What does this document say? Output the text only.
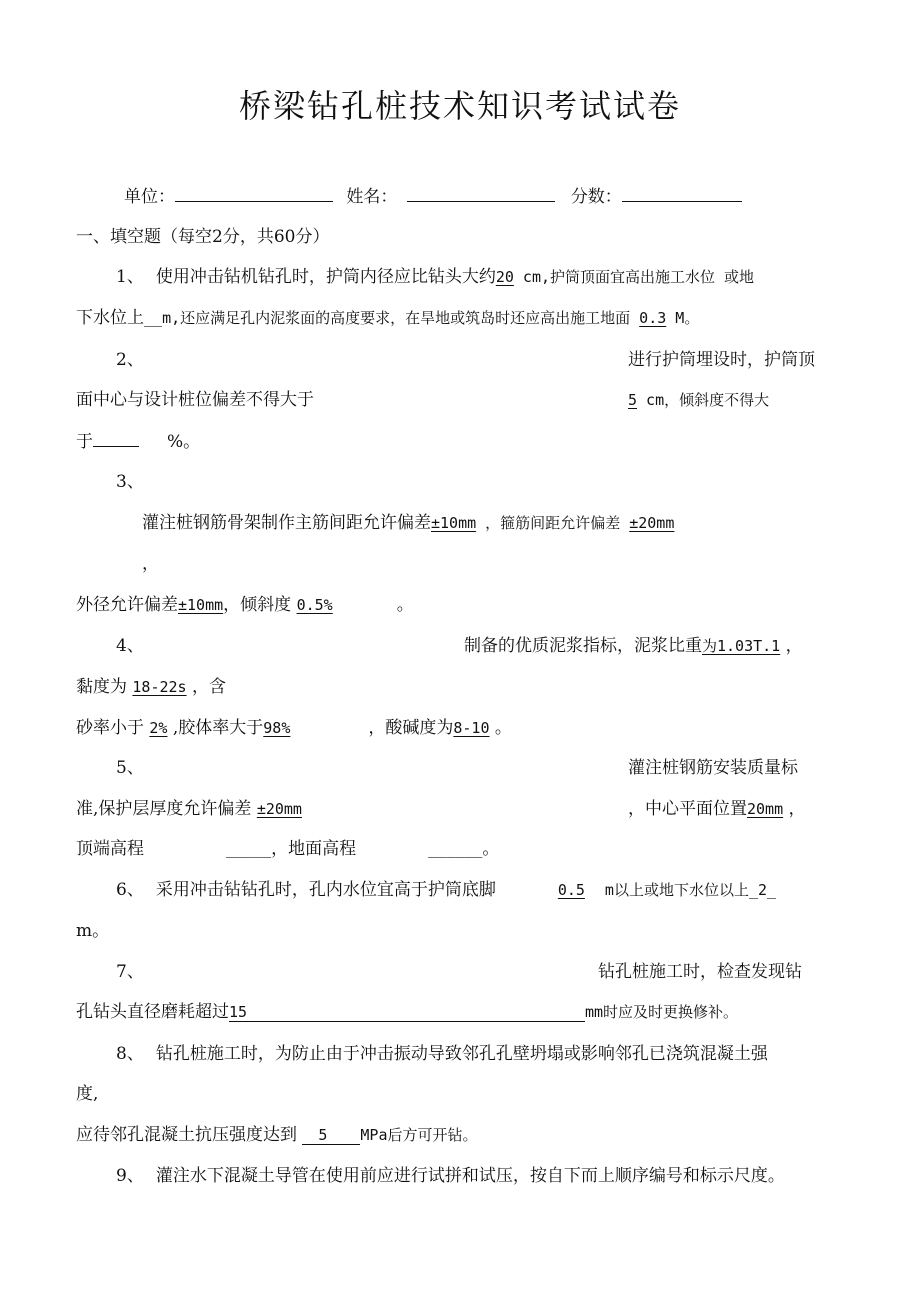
桥梁钻孔桩技术知识考试试卷
单位：	姓名：	分数：
一、填空题（每空2分，共60分）
1、 使用冲击钻机钻孔时，护筒内径应比钻头大约20 cm,护筒顶面宜高出施工水位 或地
下水位上__m,还应满足孔内泥浆面的高度要求，在旱地或筑岛时还应高出施工地面 0.3 M。
2、	进行护筒埋设时，护筒顶
面中心与设计桩位偏差不得大于	5 cm，倾斜度不得大
于	%。
3、
灌注桩钢筋骨架制作主筋间距允许偏差±10mm ，箍筋间距允许偏差 ±20mm
，
外径允许偏差±10mm，倾斜度 0.5%	。
4、	制备的优质泥浆指标，泥浆比重为1.03T.1 ，
黏度为 18-22s ，含
砂率小于 2% ,胶体率大于98%	，酸碱度为8-10 。
5、	灌注桩钢筋安装质量标
准,保护层厚度允许偏差 ±20mm	，中心平面位置20mm ，
顶端高程	_____，地面高程	______。
6、 采用冲击钻钻孔时，孔内水位宜高于护筒底脚	0.5 m以上或地下水位以上_2_
m。
7、	钻孔桩施工时，检查发现钻
孔钻头直径磨耗超过15	mm时应及时更换修补。
8、 钻孔桩施工时，为防止由于冲击振动导致邻孔孔壁坍塌或影响邻孔已浇筑混凝土强
度,
应待邻孔混凝土抗压强度达到 5 MPa后方可开钻。
9、 灌注水下混凝土导管在使用前应进行试拼和试压，按自下而上顺序编号和标示尺度。
